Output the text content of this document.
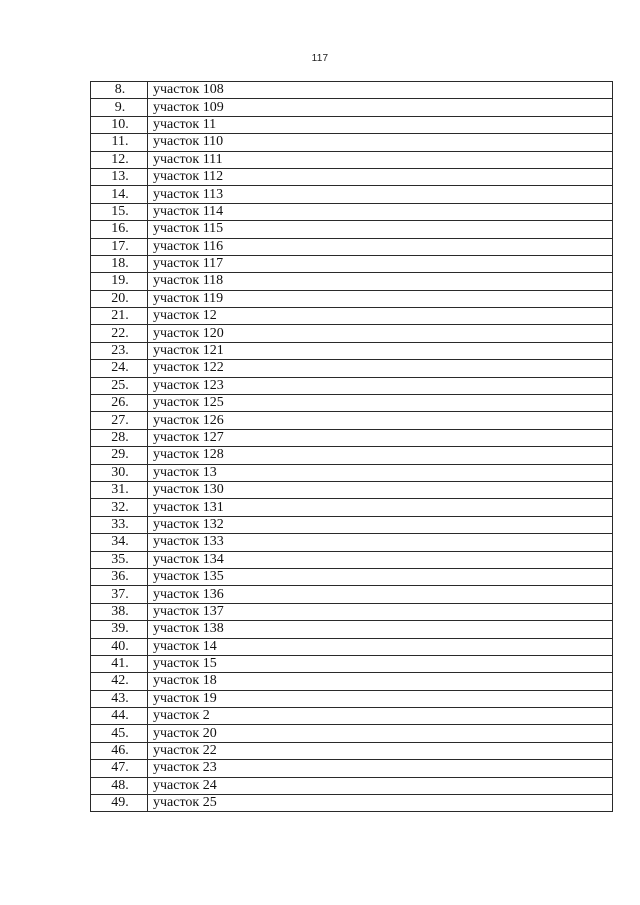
117
8.	участок 108
9.	участок 109
10.	участок 11
11.	участок 110
12.	участок 111
13.	участок 112
14.	участок 113
15.	участок 114
16.	участок 115
17.	участок 116
18.	участок 117
19.	участок 118
20.	участок 119
21.	участок 12
22.	участок 120
23.	участок 121
24.	участок 122
25.	участок 123
26.	участок 125
27.	участок 126
28.	участок 127
29.	участок 128
30.	участок 13
31.	участок 130
32.	участок 131
33.	участок 132
34.	участок 133
35.	участок 134
36.	участок 135
37.	участок 136
38.	участок 137
39.	участок 138
40.	участок 14
41.	участок 15
42.	участок 18
43.	участок 19
44.	участок 2
45.	участок 20
46.	участок 22
47.	участок 23
48.	участок 24
49.	участок 25
